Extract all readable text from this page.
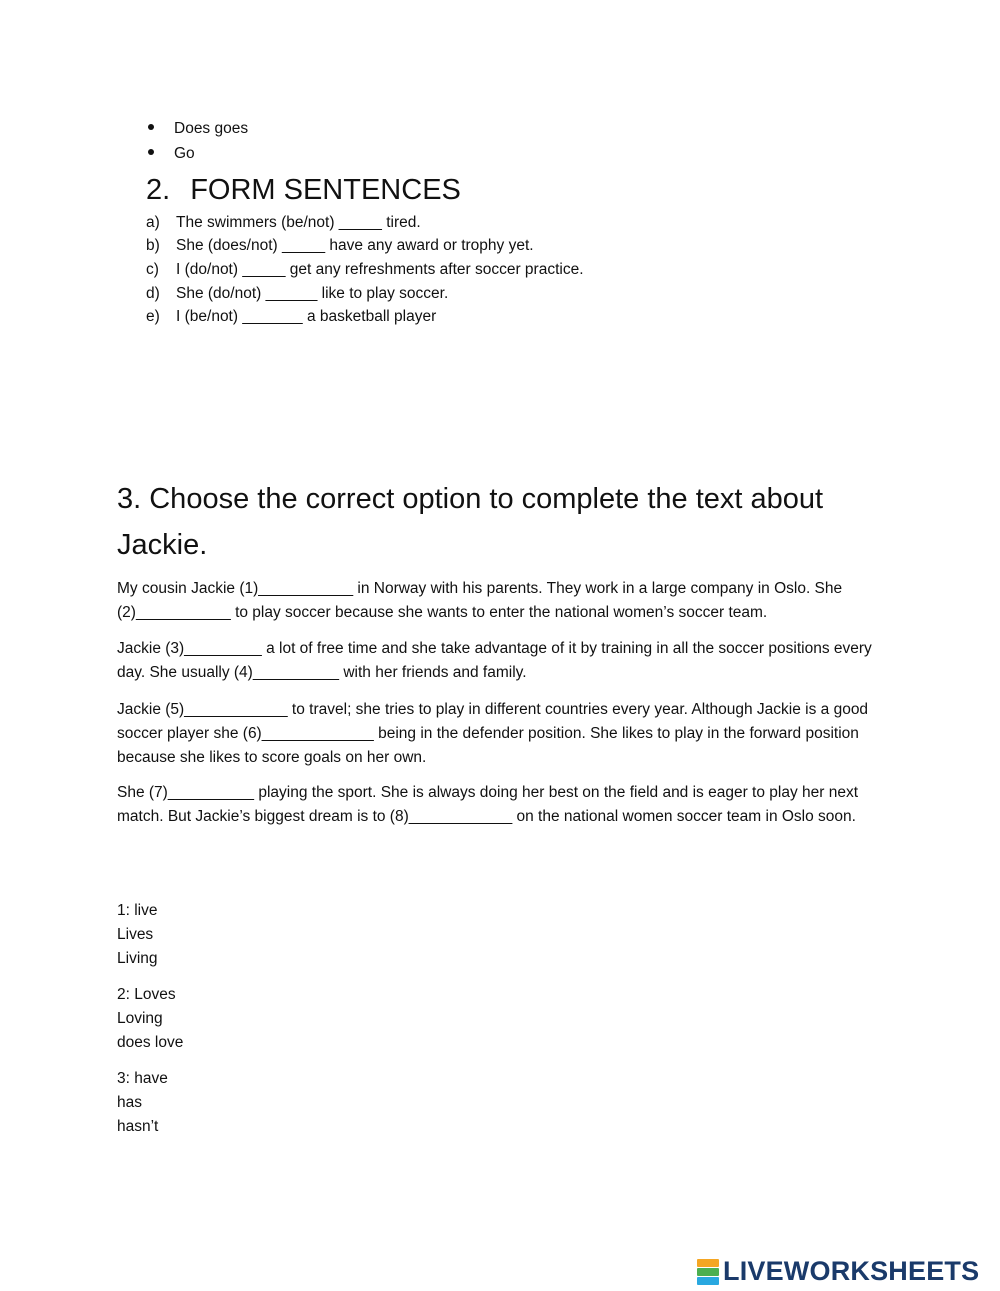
Does goes
Go
2. FORM SENTENCES
a) The swimmers (be/not) _____ tired.
b) She (does/not) _____ have any award or trophy yet.
c) I (do/not) _____ get any refreshments after soccer practice.
d) She (do/not) ______ like to play soccer.
e) I (be/not) _______ a basketball player
3. Choose the correct option to complete the text about Jackie.
My cousin Jackie (1)___________ in Norway with his parents. They work in a large company in Oslo. She (2)___________ to play soccer because she wants to enter the national women’s soccer team.
Jackie (3)_________ a lot of free time and she take advantage of it by training in all the soccer positions every day. She usually (4)__________ with her friends and family.
Jackie (5)____________ to travel; she tries to play in different countries every year. Although Jackie is a good soccer player she (6)_____________ being in the defender position. She likes to play in the forward position because she likes to score goals on her own.
She (7)__________ playing the sport. She is always doing her best on the field and is eager to play her next match. But Jackie’s biggest dream is to (8)____________ on the national women soccer team in Oslo soon.
1: live
Lives
Living
2: Loves
Loving
does love
3: have
has
hasn’t
LIVEWORKSHEETS
